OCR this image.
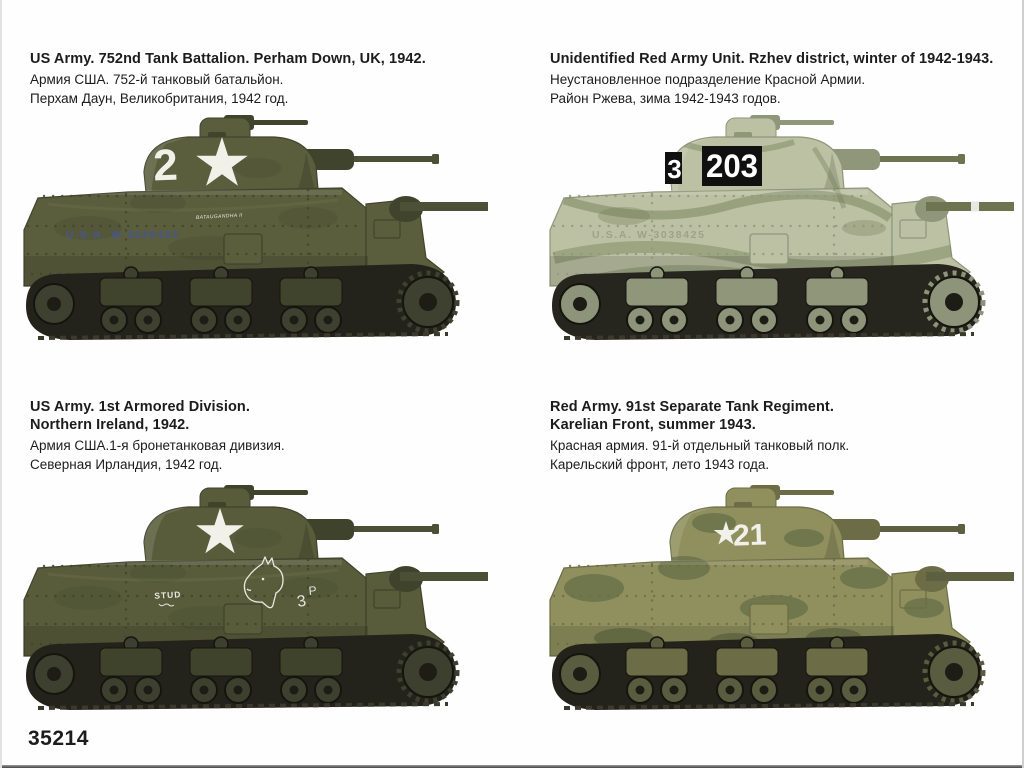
US Army. 752nd Tank Battalion. Perham Down, UK, 1942.
Армия США. 752-й танковый батальйон.
Перхам Даун, Великобритания, 1942 год.
Unidentified Red Army Unit. Rzhev district, winter of 1942-1943.
Неустановленное подразделение Красной Армии.
Район Ржева, зима 1942-1943 годов.
US Army. 1st Armored Division.
Northern Ireland, 1942.
Армия США.1-я бронетанковая дивизия.
Северная Ирландия, 1942 год.
Red Army. 91st Separate Tank Regiment.
Karelian Front, summer 1943.
Красная армия. 91-й отдельный танковый полк.
Карельский фронт, лето 1943 года.
2
U.S.A. W-3028425
BATAUGANDHA II
203
3
U.S.A. W-3038425
STUD	3
P
21
35214
